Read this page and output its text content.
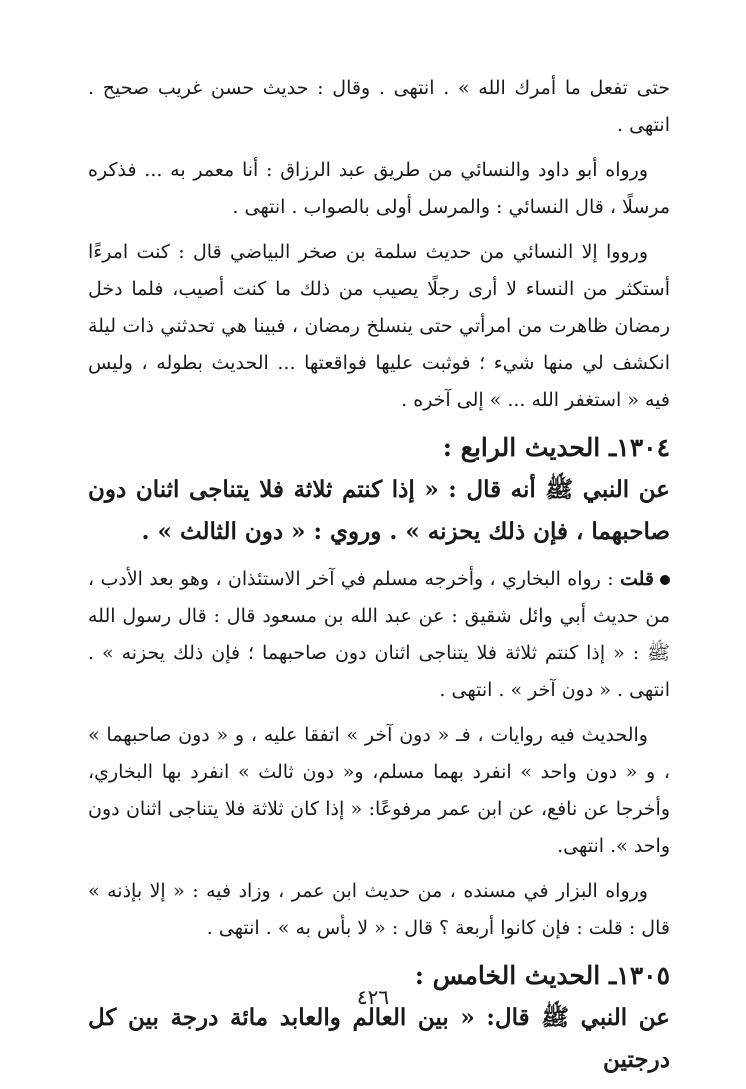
حتى تفعل ما أمرك الله » . انتهى . وقال : حديث حسن غريب صحيح . انتهى .

ورواه أبو داود والنسائي من طريق عبد الرزاق : أنا معمر به ... فذكره مرسلًا ، قال النسائي : والمرسل أولى بالصواب . انتهى .

ورووا إلا النسائي من حديث سلمة بن صخر البياضي قال : كنت امرءًا أستكثر من النساء لا أرى رجلًا يصيب من ذلك ما كنت أصيب، فلما دخل رمضان ظاهرت من امرأتي حتى ينسلخ رمضان ، فبينا هي تحدثني ذات ليلة انكشف لي منها شيء ؛ فوثبت عليها فواقعتها ... الحديث بطوله ، وليس فيه « استغفر الله ... » إلى آخره .

١٣٠٤ـ الحديث الرابع :

عن النبي ﷺ أنه قال : « إذا كنتم ثلاثة فلا يتناجى اثنان دون صاحبهما ، فإن ذلك يحزنه » . وروي : « دون الثالث » .

قلت : رواه البخاري ، وأخرجه مسلم في آخر الاستئذان ، وهو بعد الأدب ، من حديث أبي وائل شقيق : عن عبد الله بن مسعود قال : قال رسول الله ﷺ : « إذا كنتم ثلاثة فلا يتناجى اثنان دون صاحبهما ؛ فإن ذلك يحزنه » . انتهى . « دون آخر » . انتهى .

والحديث فيه روايات ، فـ « دون آخر » اتفقا عليه ، و « دون صاحبهما » ، و « دون واحد » انفرد بهما مسلم، و« دون ثالث » انفرد بها البخاري، وأخرجا عن نافع، عن ابن عمر مرفوعًا: « إذا كان ثلاثة فلا يتناجى اثنان دون واحد ». انتهى.

ورواه البزار في مسنده ، من حديث ابن عمر ، وزاد فيه : « إلا بإذنه » قال : قلت : فإن كانوا أربعة ؟ قال : « لا بأس به » . انتهى .

١٣٠٥ـ الحديث الخامس :

عن النبي ﷺ قال: « بين العالم والعابد مائة درجة بين كل درجتين

٤٢٦
